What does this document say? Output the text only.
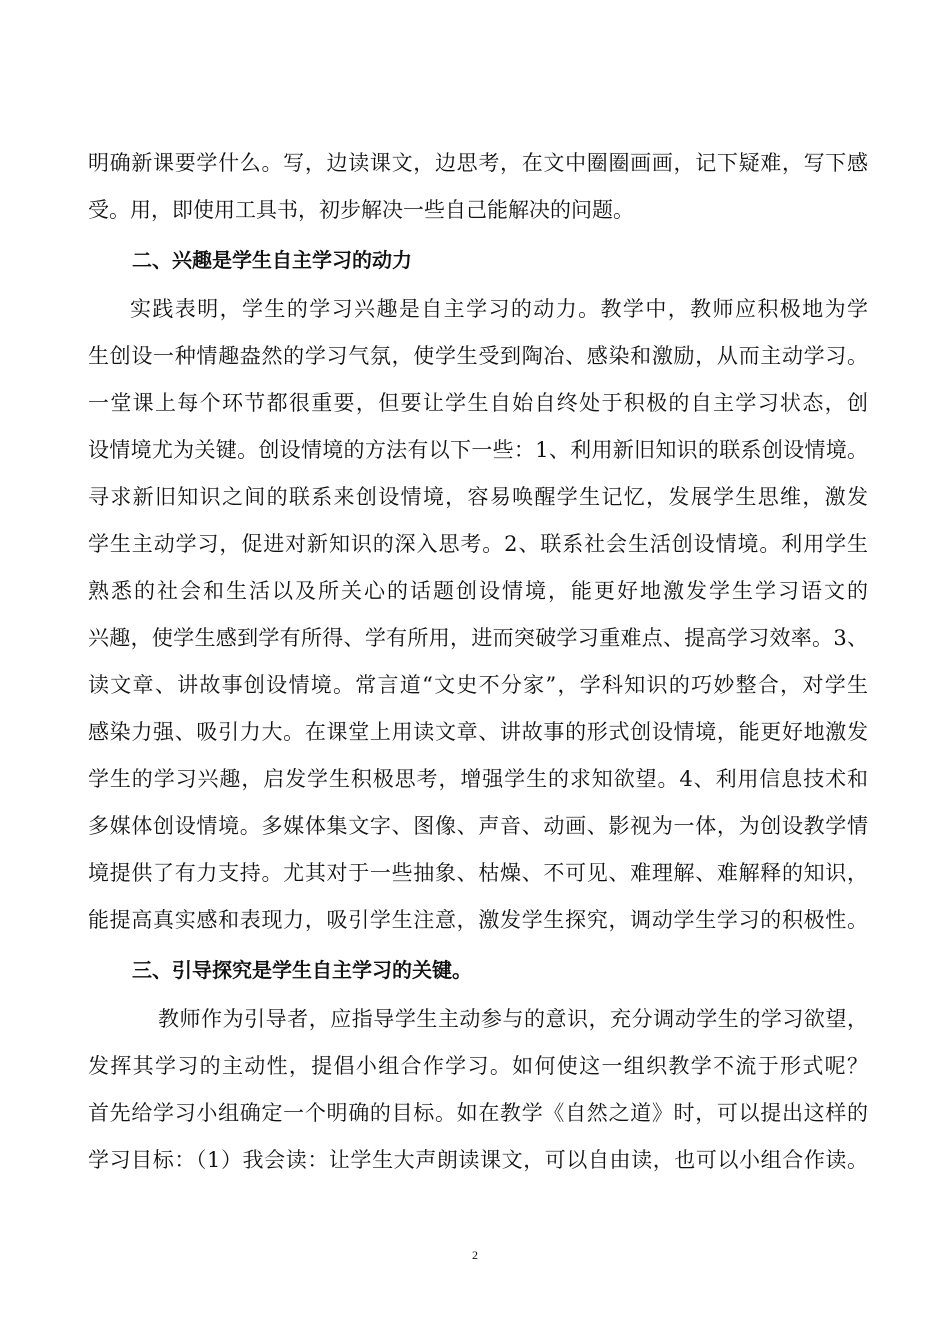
明确新课要学什么。写，边读课文，边思考，在文中圈圈画画，记下疑难，写下感
受。用，即使用工具书，初步解决一些自己能解决的问题。
二、兴趣是学生自主学习的动力
实践表明，学生的学习兴趣是自主学习的动力。教学中，教师应积极地为学
生创设一种情趣盎然的学习气氛，使学生受到陶冶、感染和激励，从而主动学习。
一堂课上每个环节都很重要，但要让学生自始自终处于积极的自主学习状态，创
设情境尤为关键。创设情境的方法有以下一些：1、利用新旧知识的联系创设情境。
寻求新旧知识之间的联系来创设情境，容易唤醒学生记忆，发展学生思维，激发
学生主动学习，促进对新知识的深入思考。2、联系社会生活创设情境。利用学生
熟悉的社会和生活以及所关心的话题创设情境，能更好地激发学生学习语文的
兴趣，使学生感到学有所得、学有所用，进而突破学习重难点、提高学习效率。3、
读文章、讲故事创设情境。常言道“文史不分家”，学科知识的巧妙整合，对学生
感染力强、吸引力大。在课堂上用读文章、讲故事的形式创设情境，能更好地激发
学生的学习兴趣，启发学生积极思考，增强学生的求知欲望。4、利用信息技术和
多媒体创设情境。多媒体集文字、图像、声音、动画、影视为一体，为创设教学情
境提供了有力支持。尤其对于一些抽象、枯燥、不可见、难理解、难解释的知识，
能提高真实感和表现力，吸引学生注意，激发学生探究，调动学生学习的积极性。
三、引导探究是学生自主学习的关键。
教师作为引导者，应指导学生主动参与的意识，充分调动学生的学习欲望，
发挥其学习的主动性，提倡小组合作学习。如何使这一组织教学不流于形式呢？
首先给学习小组确定一个明确的目标。如在教学《自然之道》时，可以提出这样的
学习目标：（1）我会读：让学生大声朗读课文，可以自由读，也可以小组合作读。
2
